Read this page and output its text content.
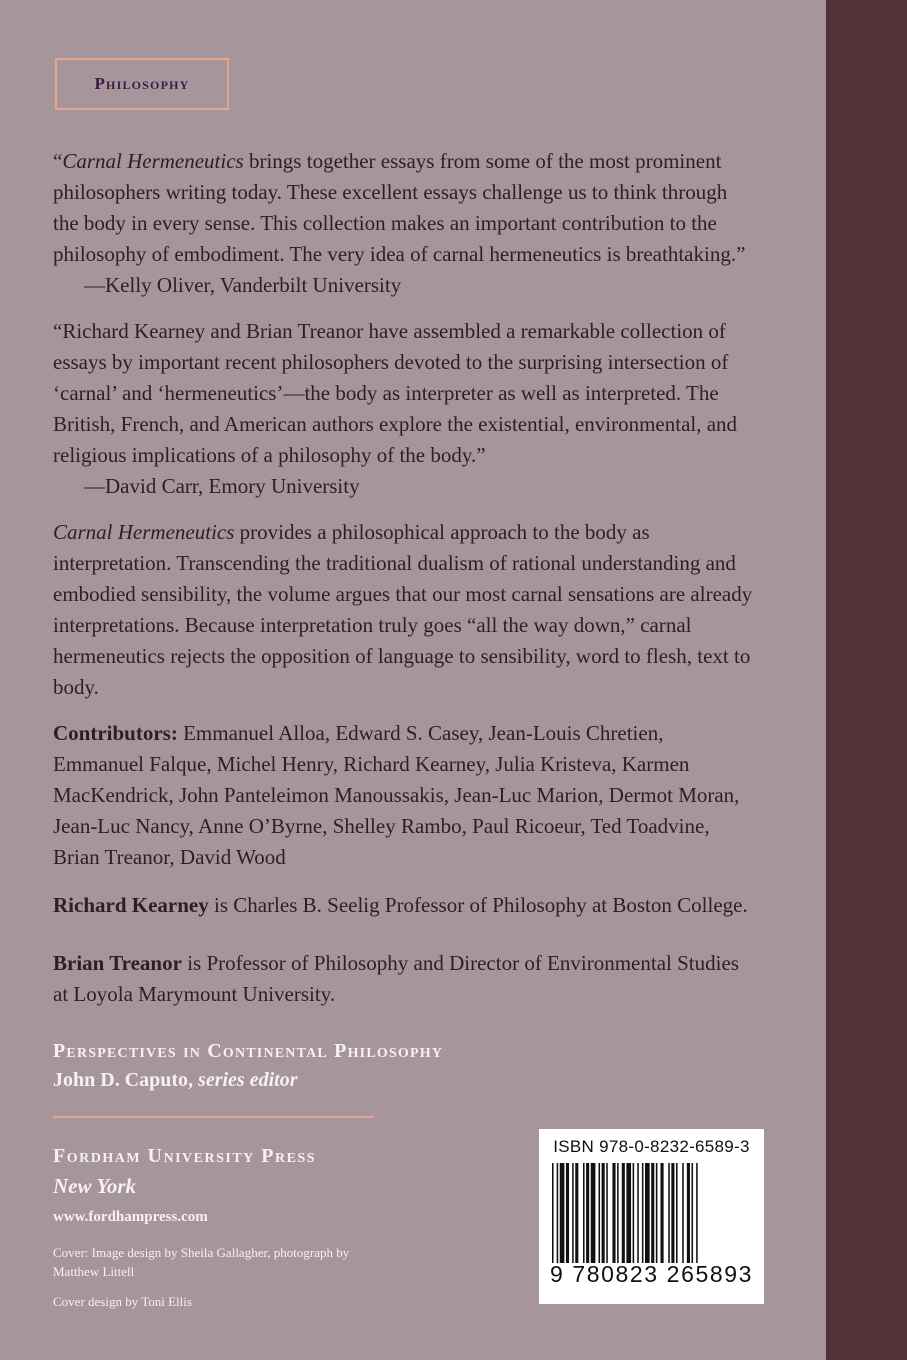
Philosophy

“Carnal Hermeneutics brings together essays from some of the most prominent philosophers writing today. These excellent essays challenge us to think through the body in every sense. This collection makes an important contribution to the philosophy of embodiment. The very idea of carnal hermeneutics is breathtaking.”
—Kelly Oliver, Vanderbilt University

“Richard Kearney and Brian Treanor have assembled a remarkable collection of essays by important recent philosophers devoted to the surprising intersection of ‘carnal’ and ‘hermeneutics’—the body as interpreter as well as interpreted. The British, French, and American authors explore the existential, environmental, and religious implications of a philosophy of the body.”
—David Carr, Emory University

Carnal Hermeneutics provides a philosophical approach to the body as interpretation. Transcending the traditional dualism of rational understanding and embodied sensibility, the volume argues that our most carnal sensations are already interpretations. Because interpretation truly goes “all the way down,” carnal hermeneutics rejects the opposition of language to sensibility, word to flesh, text to body.

Contributors: Emmanuel Alloa, Edward S. Casey, Jean-Louis Chretien, Emmanuel Falque, Michel Henry, Richard Kearney, Julia Kristeva, Karmen MacKendrick, John Panteleimon Manoussakis, Jean-Luc Marion, Dermot Moran, Jean-Luc Nancy, Anne O’Byrne, Shelley Rambo, Paul Ricoeur, Ted Toadvine, Brian Treanor, David Wood

Richard Kearney is Charles B. Seelig Professor of Philosophy at Boston College.

Brian Treanor is Professor of Philosophy and Director of Environmental Studies at Loyola Marymount University.

Perspectives in Continental Philosophy
John D. Caputo, series editor
Fordham University Press
New York
www.fordhampress.com

Cover: Image design by Sheila Gallagher, photograph by Matthew Littell

Cover design by Toni Ellis

ISBN 978-0-8232-6589-3
9 780823 265893
